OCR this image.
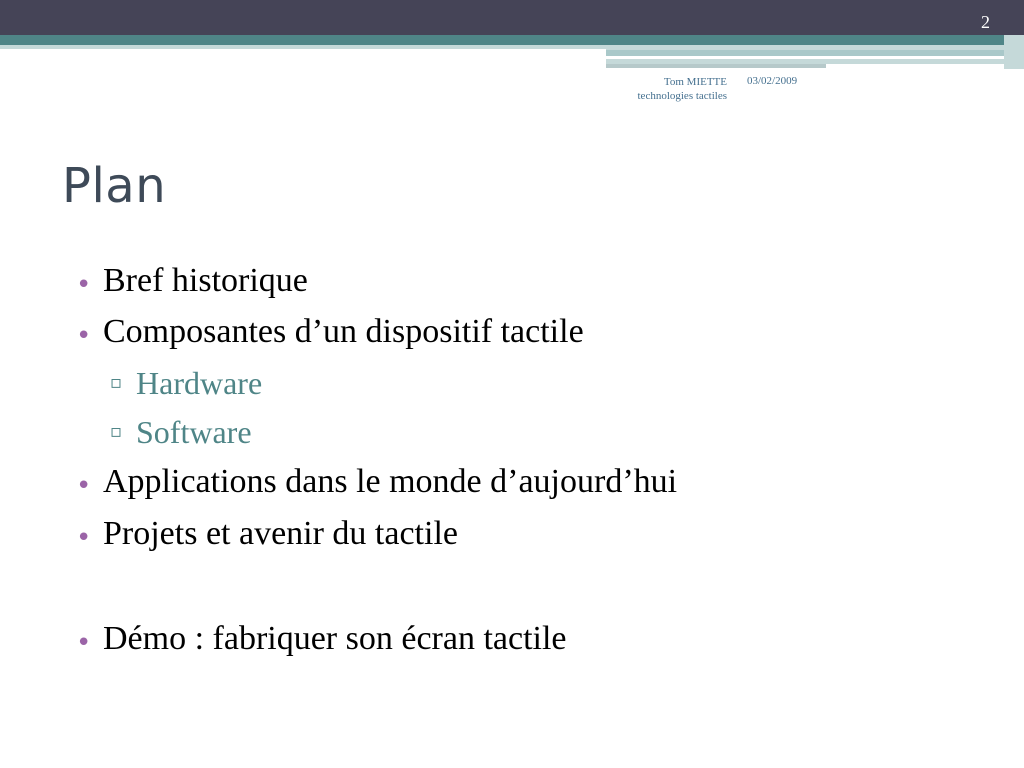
2
Tom MIETTE
technologies tactiles
03/02/2009
Plan
• Bref historique
• Composantes d’un dispositif tactile
▫ Hardware
▫ Software
• Applications dans le monde d’aujourd’hui
• Projets et avenir du tactile
• Démo : fabriquer son écran tactile
